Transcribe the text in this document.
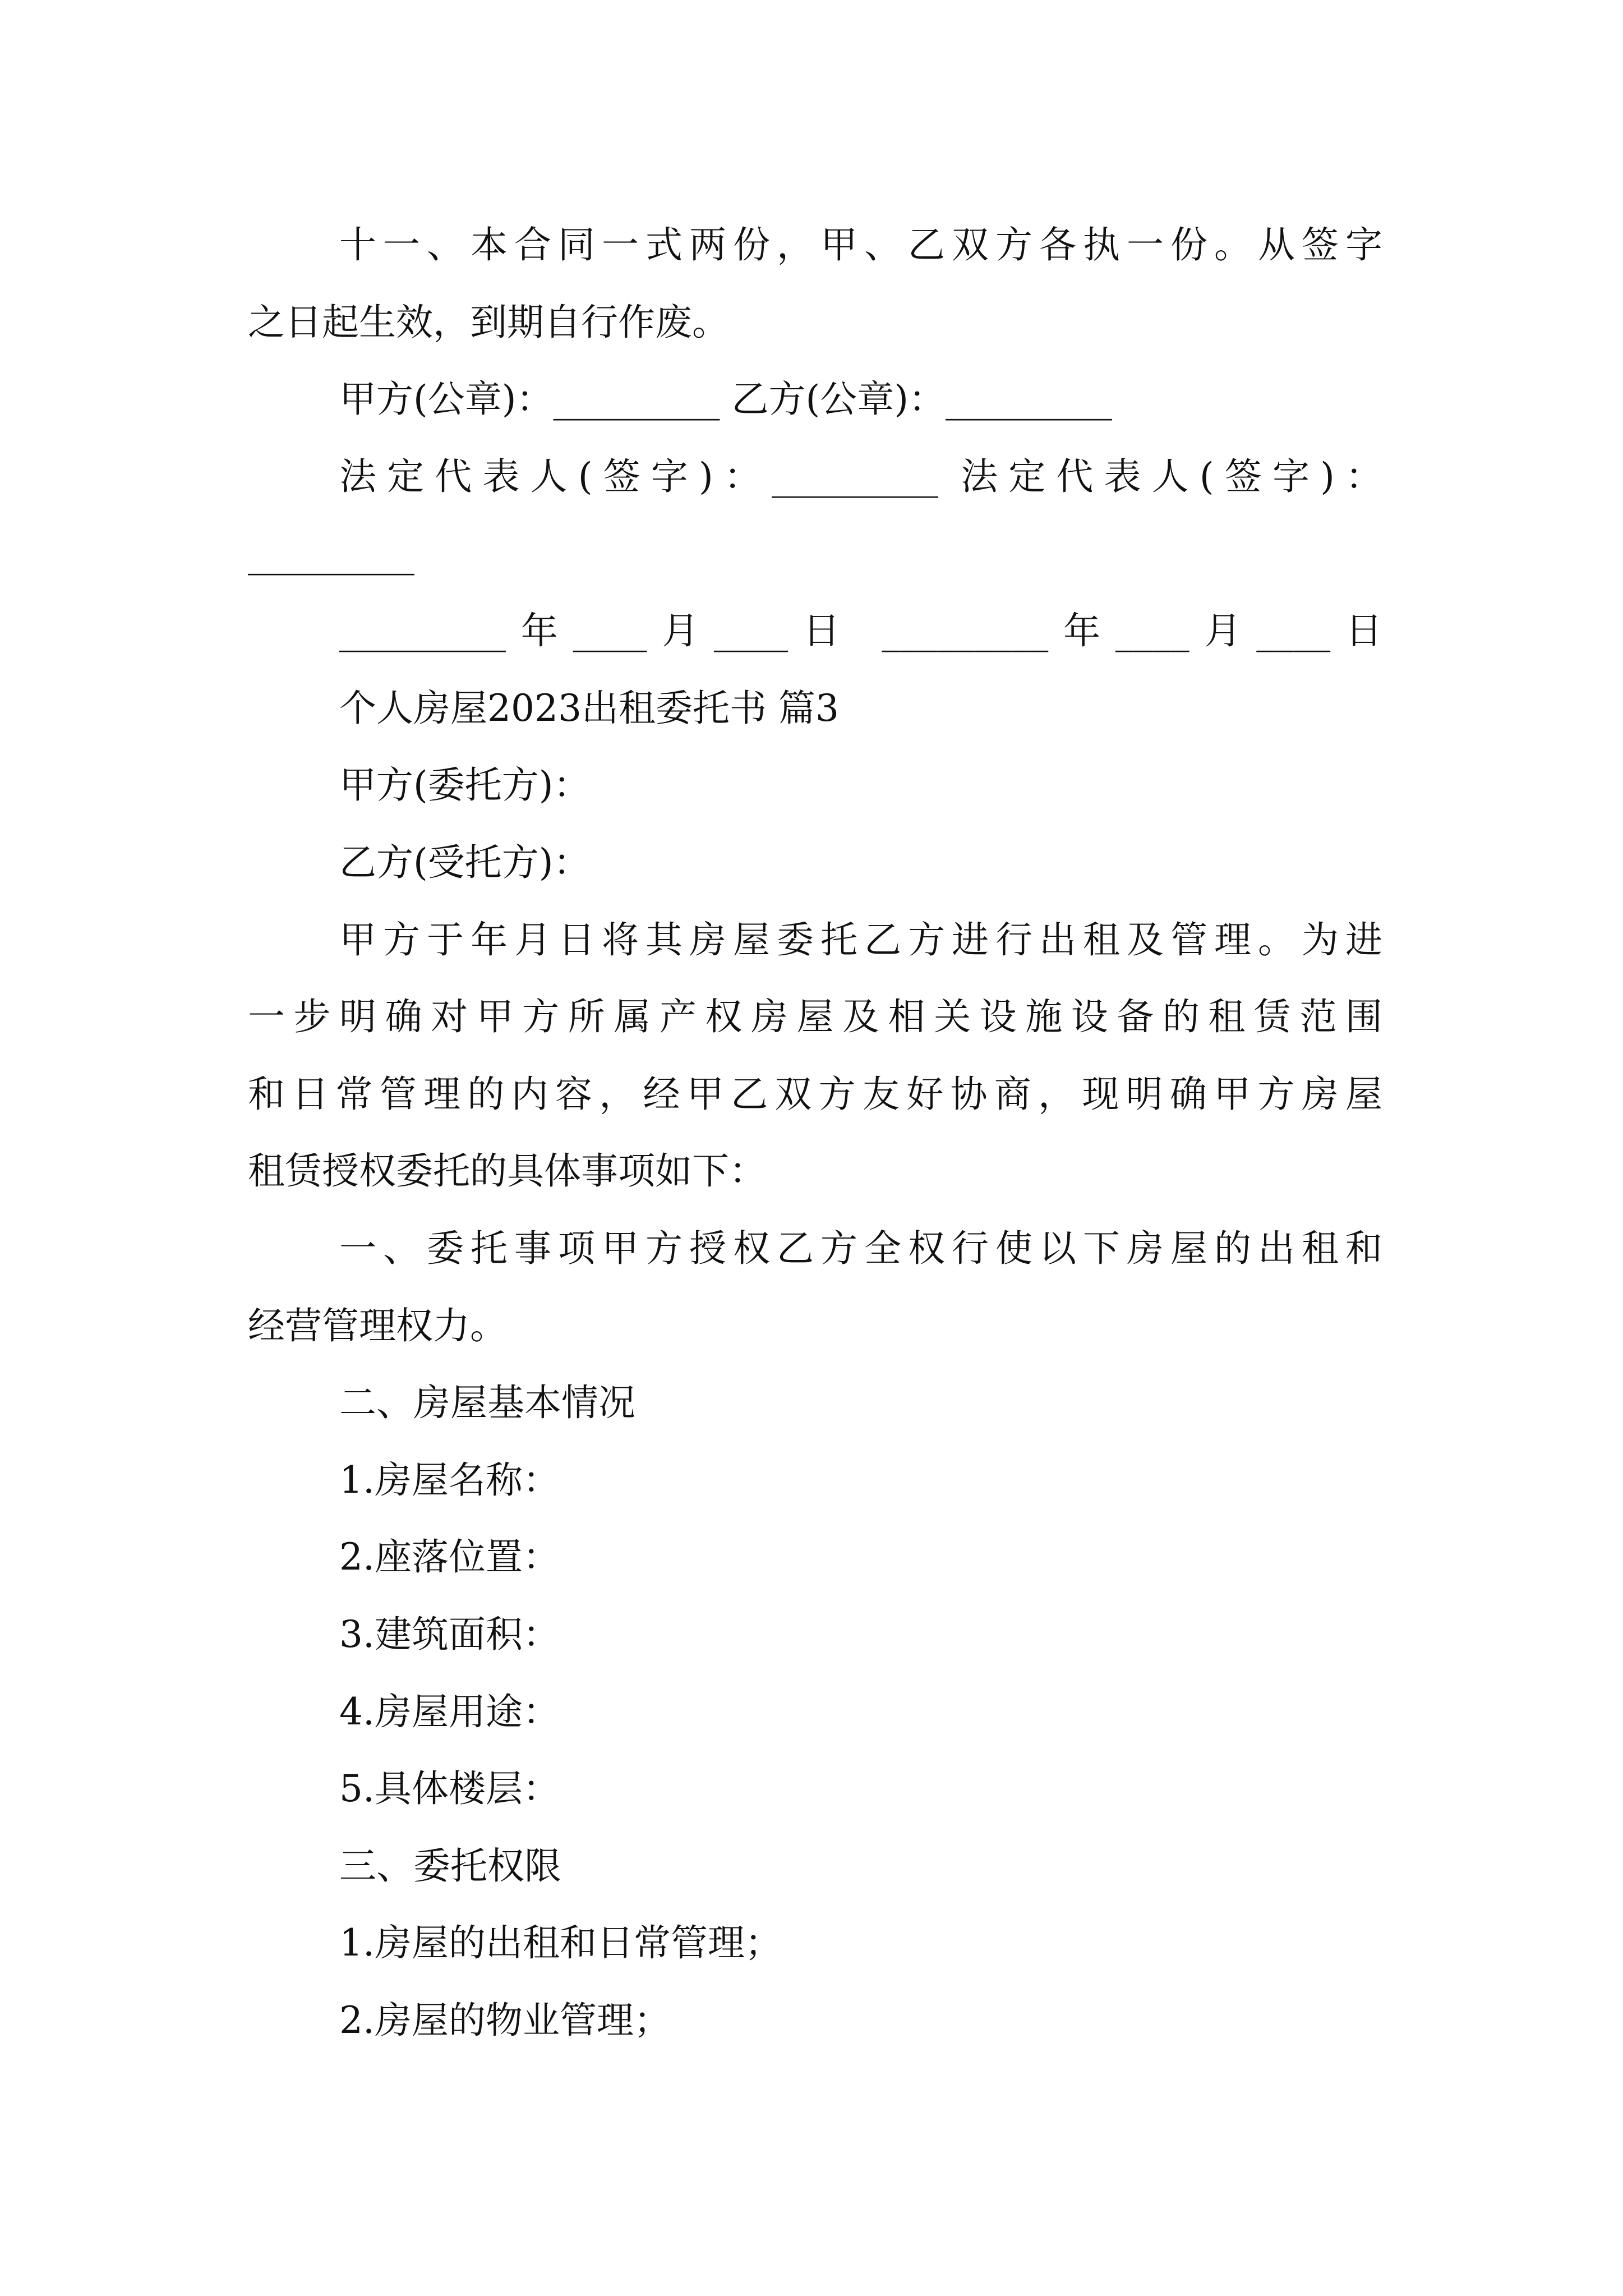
十一、本合同一式两份，甲、乙双方各执一份。从签字
之日起生效，到期自行作废。
甲方(公章)：_________ 乙方(公章)：_________
法定代表人(签字)：_________ 法定代表人(签字)：
_________
_________年____月____日 _________年____月____日
个人房屋2023出租委托书 篇3
甲方(委托方)：
乙方(受托方)：
甲方于年月日将其房屋委托乙方进行出租及管理。为进
一步明确对甲方所属产权房屋及相关设施设备的租赁范围
和日常管理的内容，经甲乙双方友好协商，现明确甲方房屋
租赁授权委托的具体事项如下：
一、委托事项甲方授权乙方全权行使以下房屋的出租和
经营管理权力。
二、房屋基本情况
1.房屋名称：
2.座落位置：
3.建筑面积：
4.房屋用途：
5.具体楼层：
三、委托权限
1.房屋的出租和日常管理；
2.房屋的物业管理；
